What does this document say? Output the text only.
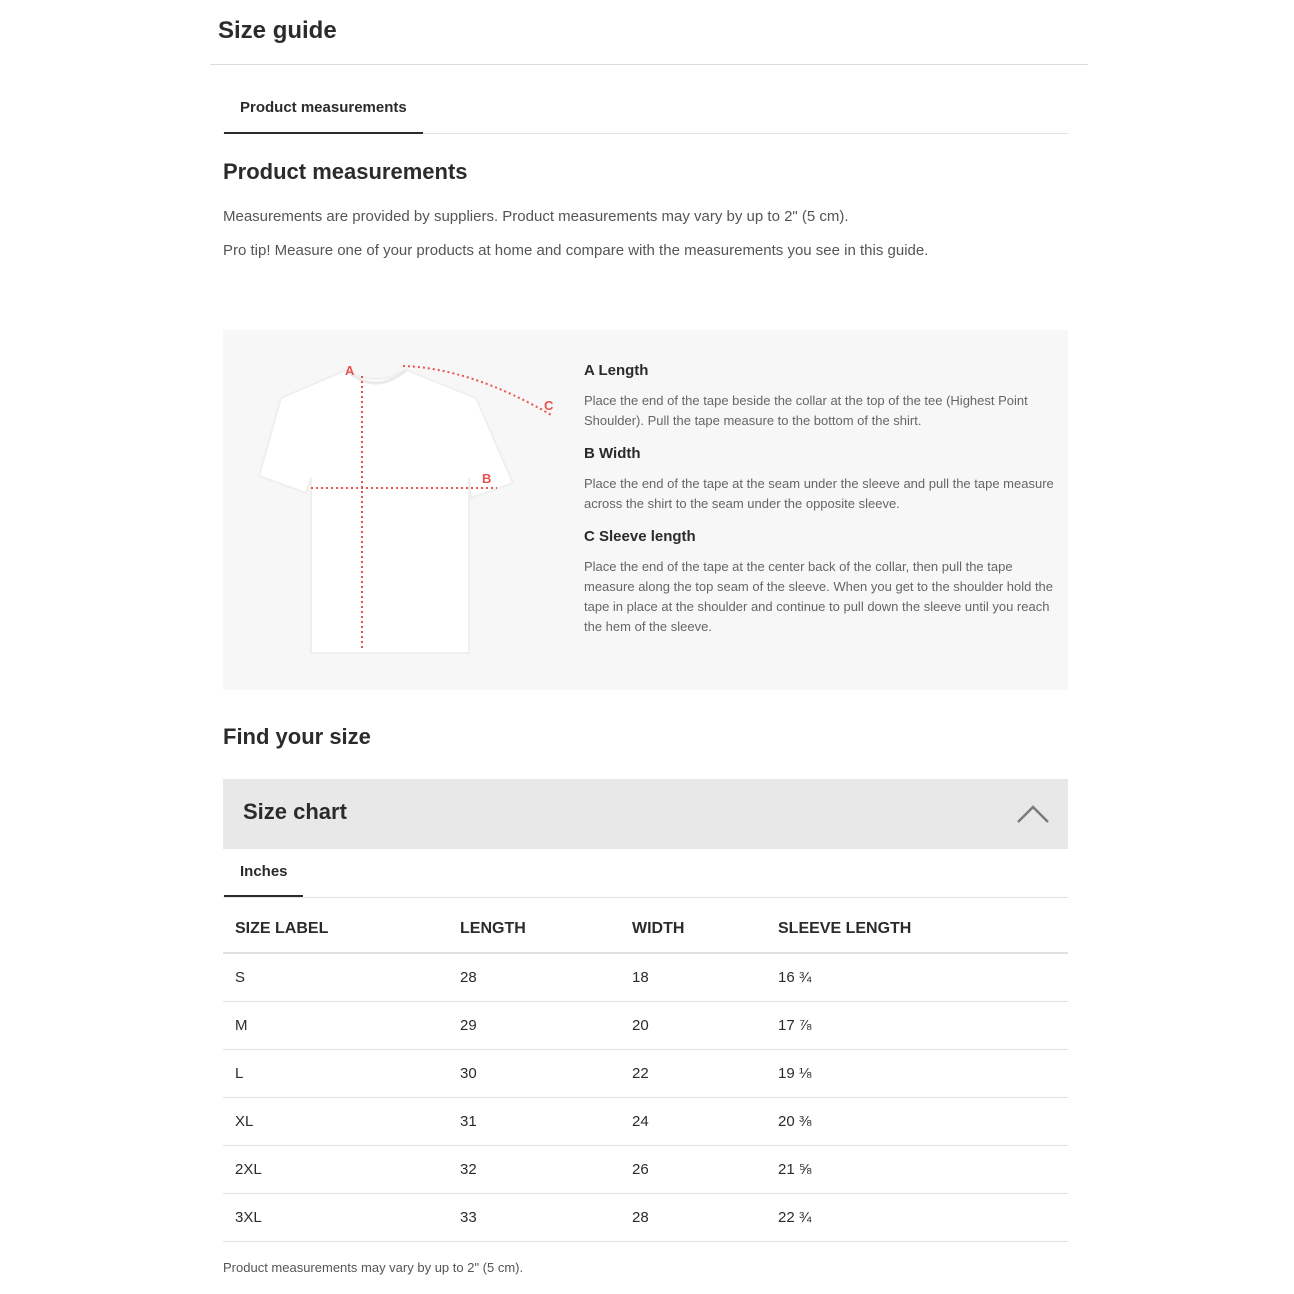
Size guide
Product measurements
Product measurements
Measurements are provided by suppliers. Product measurements may vary by up to 2" (5 cm).
Pro tip! Measure one of your products at home and compare with the measurements you see in this guide.
A
B
C
A Length
Place the end of the tape beside the collar at the top of the tee (Highest Point Shoulder). Pull the tape measure to the bottom of the shirt.
B Width
Place the end of the tape at the seam under the sleeve and pull the tape measure across the shirt to the seam under the opposite sleeve.
C Sleeve length
Place the end of the tape at the center back of the collar, then pull the tape measure along the top seam of the sleeve. When you get to the shoulder hold the tape in place at the shoulder and continue to pull down the sleeve until you reach the hem of the sleeve.
Find your size
Size chart
Inches
SIZE LABEL	LENGTH	WIDTH	SLEEVE LENGTH
S	28	18	16 ¾
M	29	20	17 ⅞
L	30	22	19 ⅛
XL	31	24	20 ⅜
2XL	32	26	21 ⅝
3XL	33	28	22 ¾
Product measurements may vary by up to 2" (5 cm).
